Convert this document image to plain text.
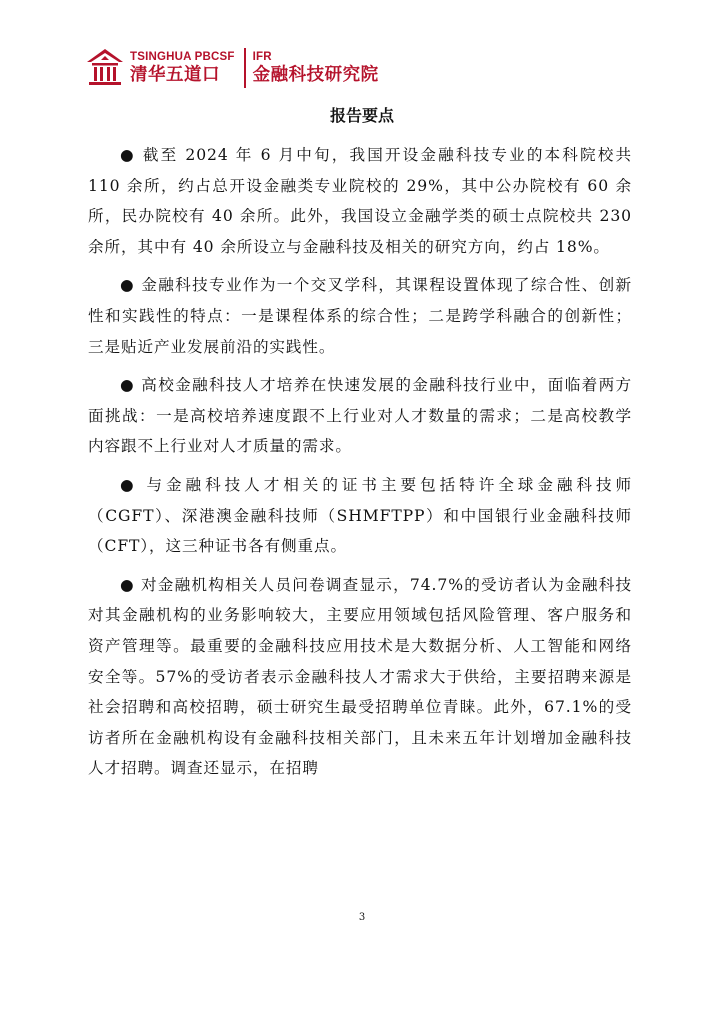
TSINGHUA PBCSF
清华五道口
IFR
金融科技研究院
报告要点

● 截至 2024 年 6 月中旬，我国开设金融科技专业的本科院校共 110 余所，约占总开设金融类专业院校的 29%，其中公办院校有 60 余所，民办院校有 40 余所。此外，我国设立金融学类的硕士点院校共 230 余所，其中有 40 余所设立与金融科技及相关的研究方向，约占 18%。

● 金融科技专业作为一个交叉学科，其课程设置体现了综合性、创新性和实践性的特点：一是课程体系的综合性；二是跨学科融合的创新性；三是贴近产业发展前沿的实践性。

● 高校金融科技人才培养在快速发展的金融科技行业中，面临着两方面挑战：一是高校培养速度跟不上行业对人才数量的需求；二是高校教学内容跟不上行业对人才质量的需求。

● 与金融科技人才相关的证书主要包括特许全球金融科技师（CGFT）、深港澳金融科技师（SHMFTPP）和中国银行业金融科技师（CFT），这三种证书各有侧重点。

● 对金融机构相关人员问卷调查显示，74.7%的受访者认为金融科技对其金融机构的业务影响较大，主要应用领域包括风险管理、客户服务和资产管理等。最重要的金融科技应用技术是大数据分析、人工智能和网络安全等。57%的受访者表示金融科技人才需求大于供给，主要招聘来源是社会招聘和高校招聘，硕士研究生最受招聘单位青睐。此外，67.1%的受访者所在金融机构设有金融科技相关部门，且未来五年计划增加金融科技人才招聘。调查还显示，在招聘

3
